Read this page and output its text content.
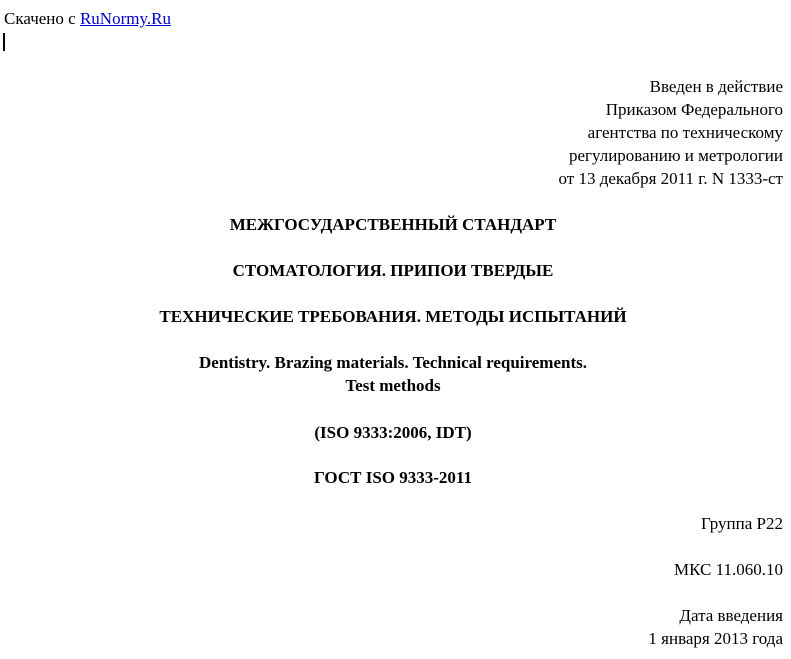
Скачено с RuNormy.Ru
Введен в действие
Приказом Федерального
агентства по техническому
регулированию и метрологии
от 13 декабря 2011 г. N 1333-ст
МЕЖГОСУДАРСТВЕННЫЙ СТАНДАРТ
СТОМАТОЛОГИЯ. ПРИПОИ ТВЕРДЫЕ
ТЕХНИЧЕСКИЕ ТРЕБОВАНИЯ. МЕТОДЫ ИСПЫТАНИЙ
Dentistry. Brazing materials. Technical requirements.
Test methods
(ISO 9333:2006, IDT)
ГОСТ ISO 9333-2011
Группа Р22
МКС 11.060.10
Дата введения
1 января 2013 года
